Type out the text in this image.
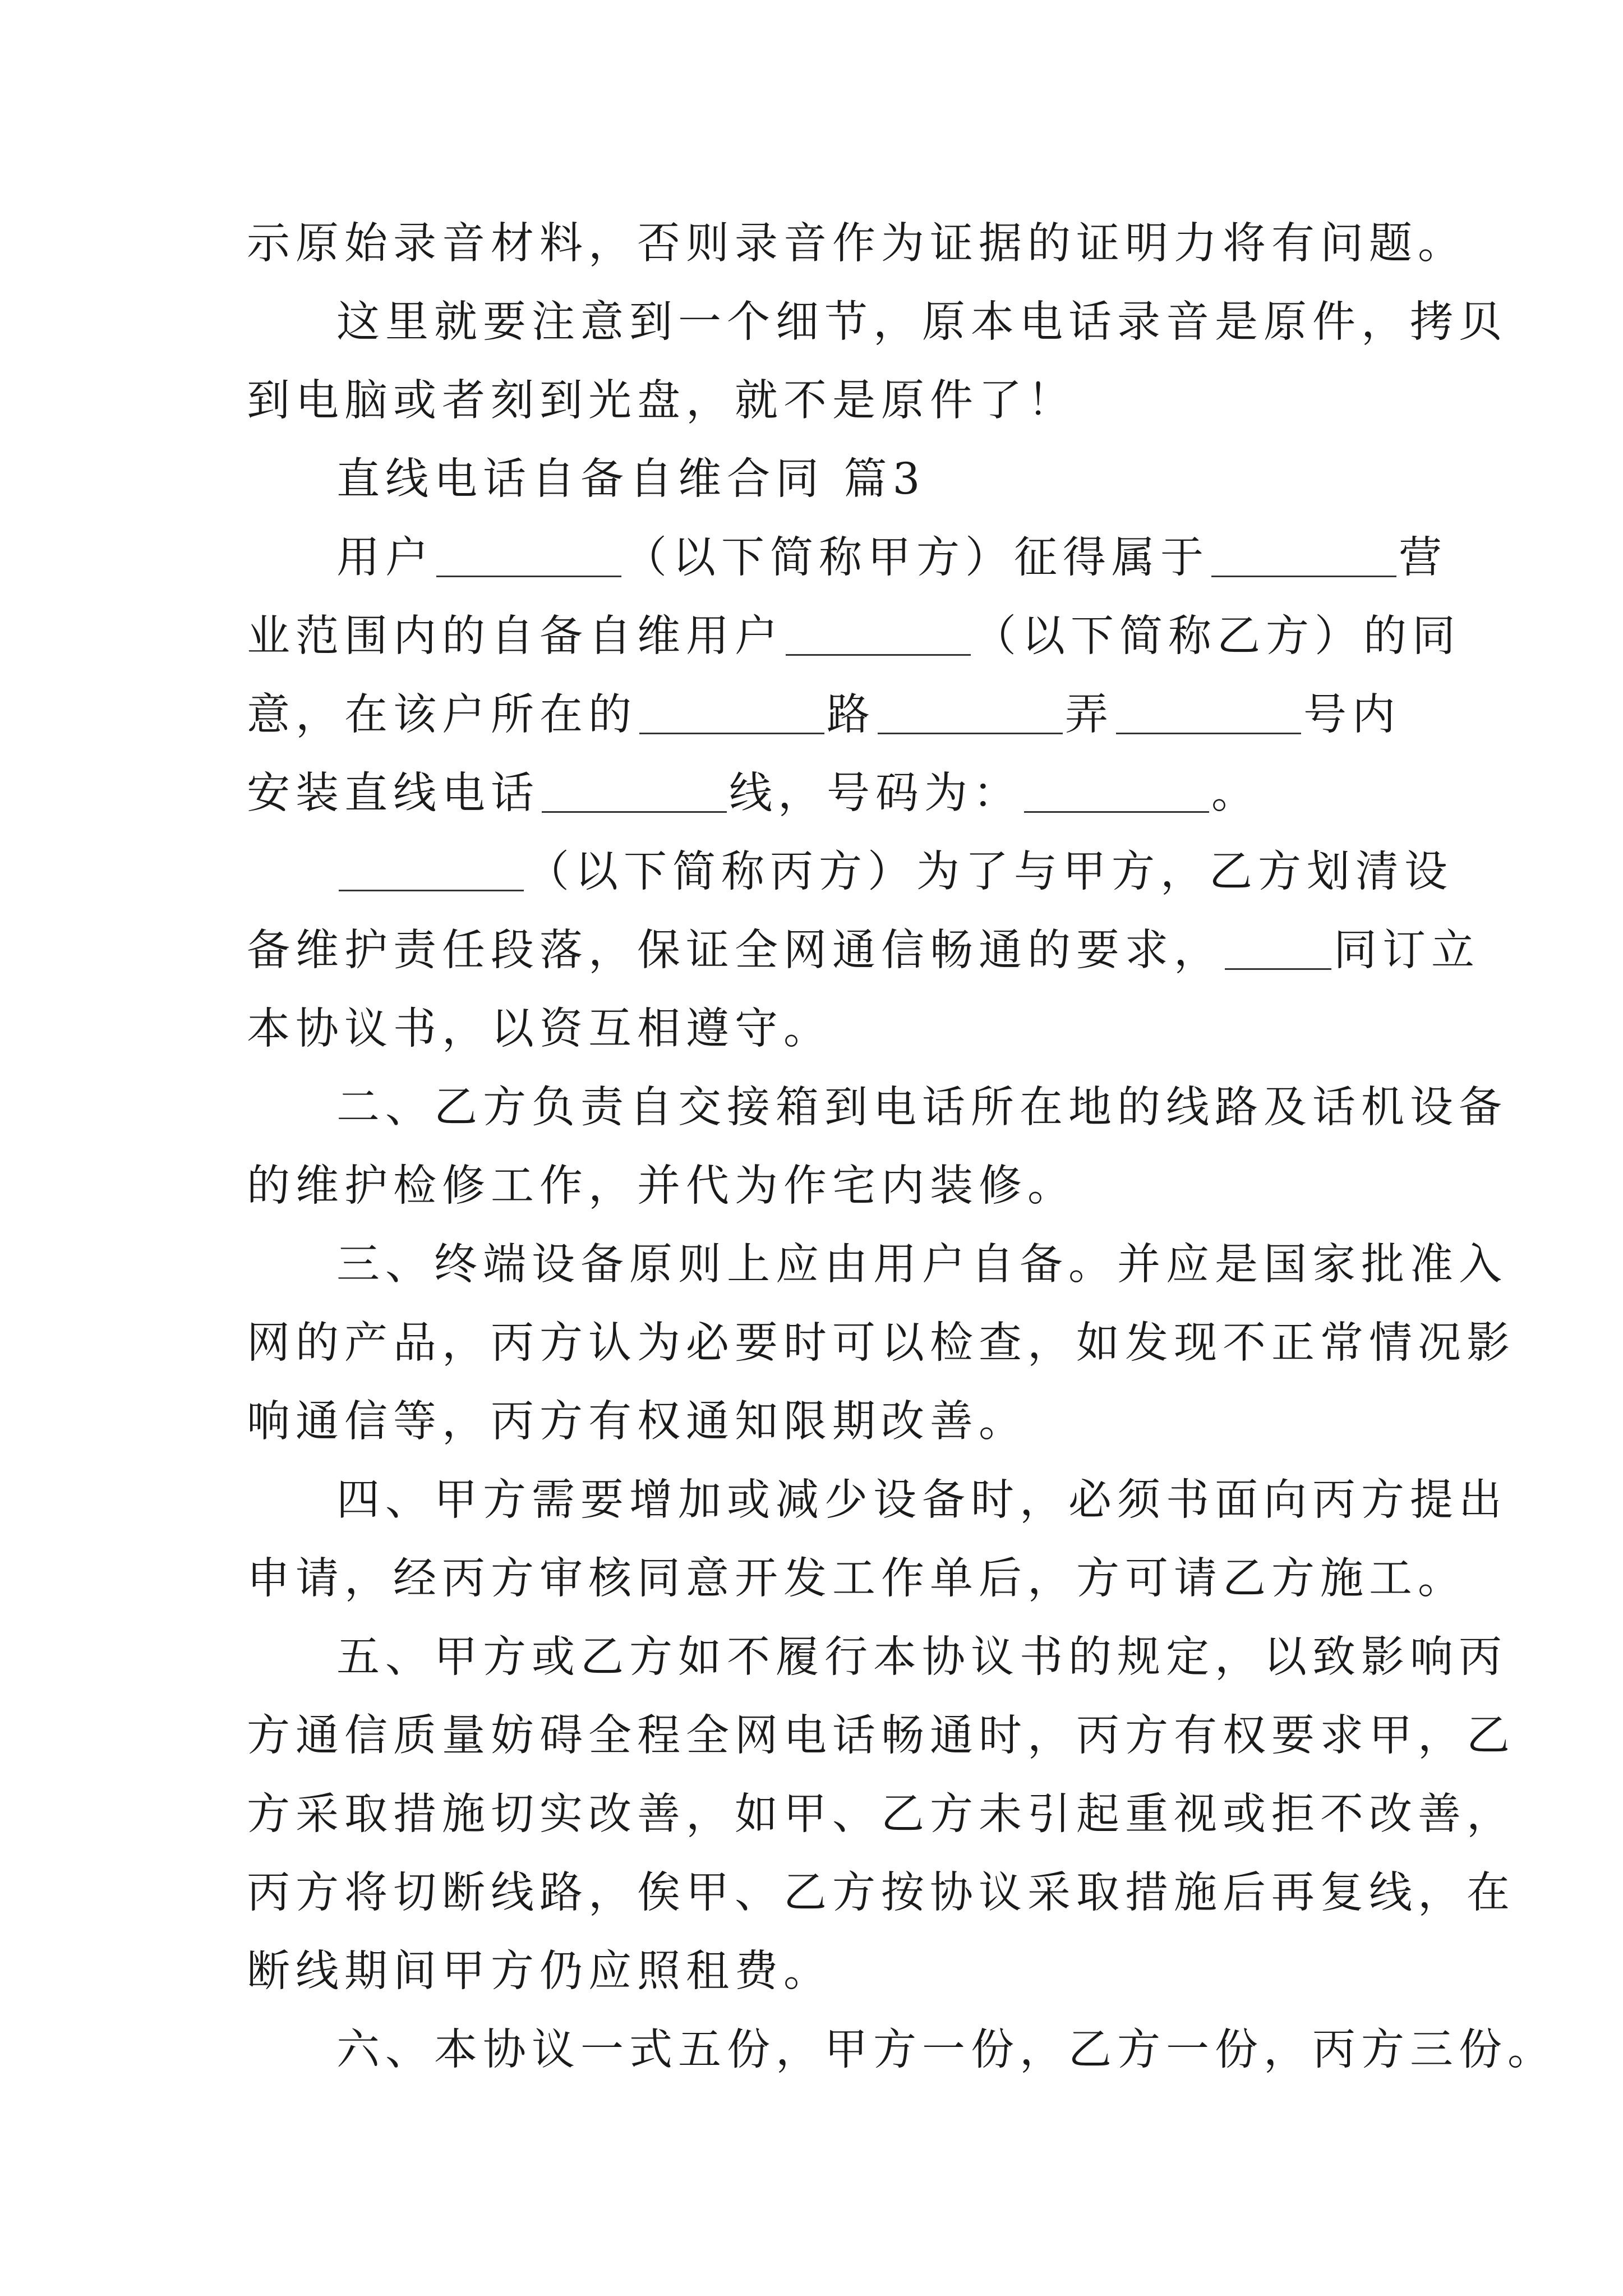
示原始录音材料，否则录音作为证据的证明力将有问题。
这里就要注意到一个细节，原本电话录音是原件，拷贝
到电脑或者刻到光盘，就不是原件了！
直线电话自备自维合同 篇3
用户	（以下简称甲方）征得属于	营
业范围内的自备自维用户	（以下简称乙方）的同
意，在该户所在的	路	弄	号内
安装直线电话	线，号码为：	。
（以下简称丙方）为了与甲方，乙方划清设
备维护责任段落，保证全网通信畅通的要求，	同订立
本协议书，以资互相遵守。
二、乙方负责自交接箱到电话所在地的线路及话机设备
的维护检修工作，并代为作宅内装修。
三、终端设备原则上应由用户自备。并应是国家批准入
网的产品，丙方认为必要时可以检查，如发现不正常情况影
响通信等，丙方有权通知限期改善。
四、甲方需要增加或减少设备时，必须书面向丙方提出
申请，经丙方审核同意开发工作单后，方可请乙方施工。
五、甲方或乙方如不履行本协议书的规定，以致影响丙
方通信质量妨碍全程全网电话畅通时，丙方有权要求甲，乙
方采取措施切实改善，如甲、乙方未引起重视或拒不改善，
丙方将切断线路，俟甲、乙方按协议采取措施后再复线，在
断线期间甲方仍应照租费。
六、本协议一式五份，甲方一份，乙方一份，丙方三份。
